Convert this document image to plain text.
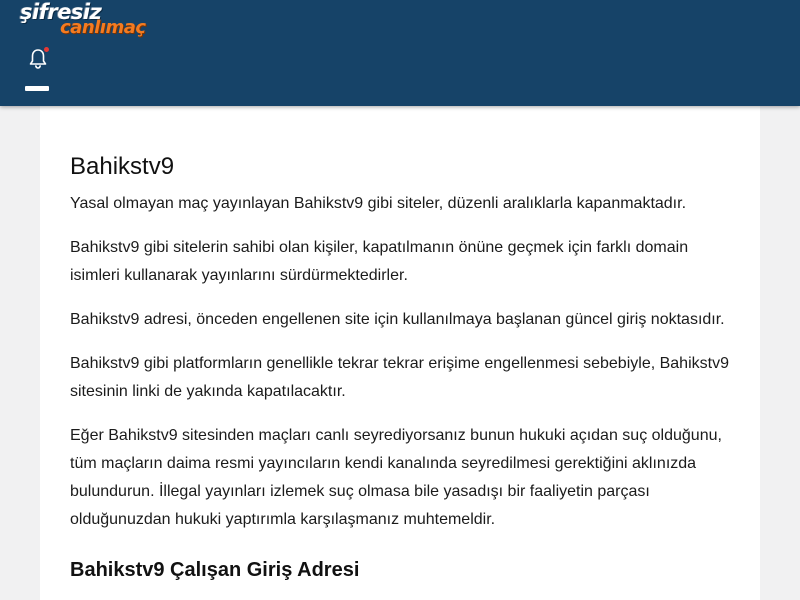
şifresiz
canlımaç
Bahikstv9

Yasal olmayan maç yayınlayan Bahikstv9 gibi siteler, düzenli aralıklarla kapanmaktadır.

Bahikstv9 gibi sitelerin sahibi olan kişiler, kapatılmanın önüne geçmek için farklı domain isimleri kullanarak yayınlarını sürdürmektedirler.

Bahikstv9 adresi, önceden engellenen site için kullanılmaya başlanan güncel giriş noktasıdır.

Bahikstv9 gibi platformların genellikle tekrar tekrar erişime engellenmesi sebebiyle, Bahikstv9 sitesinin linki de yakında kapatılacaktır.

Eğer Bahikstv9 sitesinden maçları canlı seyrediyorsanız bunun hukuki açıdan suç olduğunu, tüm maçların daima resmi yayıncıların kendi kanalında seyredilmesi gerektiğini aklınızda bulundurun. İllegal yayınları izlemek suç olmasa bile yasadışı bir faaliyetin parçası olduğunuzdan hukuki yaptırımla karşılaşmanız muhtemeldir.

Bahikstv9 Çalışan Giriş Adresi
